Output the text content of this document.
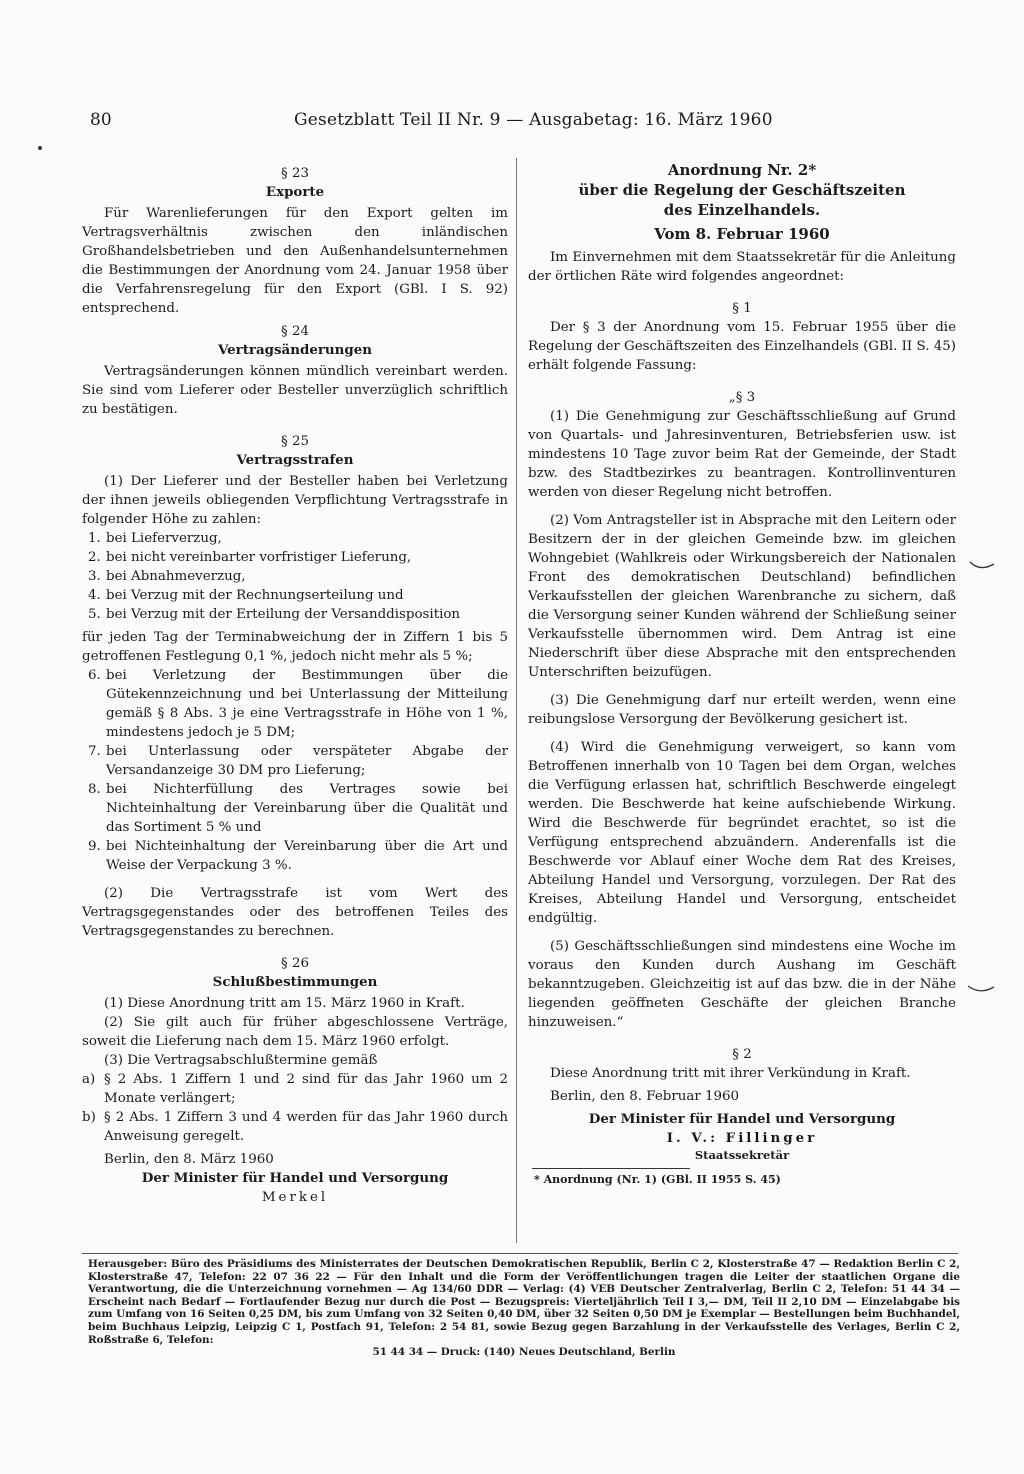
80	Gesetzblatt Teil II Nr. 9 — Ausgabetag: 16. März 1960

§ 23

Exporte

Für Warenlieferungen für den Export gelten im Vertragsverhältnis zwischen den inländischen Großhandelsbetrieben und den Außenhandelsunternehmen die Bestimmungen der Anordnung vom 24. Januar 1958 über die Verfahrensregelung für den Export (GBl. I S. 92) entsprechend.

§ 24

Vertragsänderungen

Vertragsänderungen können mündlich vereinbart werden. Sie sind vom Lieferer oder Besteller unverzüglich schriftlich zu bestätigen.

§ 25

Vertragsstrafen

(1) Der Lieferer und der Besteller haben bei Verletzung der ihnen jeweils obliegenden Verpflichtung Vertragsstrafe in folgender Höhe zu zahlen:

1. bei Lieferverzug,

2. bei nicht vereinbarter vorfristiger Lieferung,

3. bei Abnahmeverzug,

4. bei Verzug mit der Rechnungserteilung und

5. bei Verzug mit der Erteilung der Versanddisposition

für jeden Tag der Terminabweichung der in Ziffern 1 bis 5 getroffenen Festlegung 0,1 %, jedoch nicht mehr als 5 %;

6. bei Verletzung der Bestimmungen über die Gütekennzeichnung und bei Unterlassung der Mitteilung gemäß § 8 Abs. 3 je eine Vertragsstrafe in Höhe von 1 %, mindestens jedoch je 5 DM;

7. bei Unterlassung oder verspäteter Abgabe der Versandanzeige 30 DM pro Lieferung;

8. bei Nichterfüllung des Vertrages sowie bei Nichteinhaltung der Vereinbarung über die Qualität und das Sortiment 5 % und

9. bei Nichteinhaltung der Vereinbarung über die Art und Weise der Verpackung 3 %.

(2) Die Vertragsstrafe ist vom Wert des Vertragsgegenstandes oder des betroffenen Teiles des Vertragsgegenstandes zu berechnen.

§ 26

Schlußbestimmungen

(1) Diese Anordnung tritt am 15. März 1960 in Kraft.

(2) Sie gilt auch für früher abgeschlossene Verträge, soweit die Lieferung nach dem 15. März 1960 erfolgt.

(3) Die Vertragsabschlußtermine gemäß

a) § 2 Abs. 1 Ziffern 1 und 2 sind für das Jahr 1960 um 2 Monate verlängert;

b) § 2 Abs. 1 Ziffern 3 und 4 werden für das Jahr 1960 durch Anweisung geregelt.

Berlin, den 8. März 1960

Der Minister für Handel und Versorgung

Merkel

Anordnung Nr. 2*

über die Regelung der Geschäftszeiten

des Einzelhandels.

Vom 8. Februar 1960

Im Einvernehmen mit dem Staatssekretär für die Anleitung der örtlichen Räte wird folgendes angeordnet:

§ 1

Der § 3 der Anordnung vom 15. Februar 1955 über die Regelung der Geschäftszeiten des Einzelhandels (GBl. II S. 45) erhält folgende Fassung:

„§ 3

(1) Die Genehmigung zur Geschäftsschließung auf Grund von Quartals- und Jahresinventuren, Betriebsferien usw. ist mindestens 10 Tage zuvor beim Rat der Gemeinde, der Stadt bzw. des Stadtbezirkes zu beantragen. Kontrollinventuren werden von dieser Regelung nicht betroffen.

(2) Vom Antragsteller ist in Absprache mit den Leitern oder Besitzern der in der gleichen Gemeinde bzw. im gleichen Wohngebiet (Wahlkreis oder Wirkungsbereich der Nationalen Front des demokratischen Deutschland) befindlichen Verkaufsstellen der gleichen Warenbranche zu sichern, daß die Versorgung seiner Kunden während der Schließung seiner Verkaufsstelle übernommen wird. Dem Antrag ist eine Niederschrift über diese Absprache mit den entsprechenden Unterschriften beizufügen.

(3) Die Genehmigung darf nur erteilt werden, wenn eine reibungslose Versorgung der Bevölkerung gesichert ist.

(4) Wird die Genehmigung verweigert, so kann vom Betroffenen innerhalb von 10 Tagen bei dem Organ, welches die Verfügung erlassen hat, schriftlich Beschwerde eingelegt werden. Die Beschwerde hat keine aufschiebende Wirkung. Wird die Beschwerde für begründet erachtet, so ist die Verfügung entsprechend abzuändern. Anderenfalls ist die Beschwerde vor Ablauf einer Woche dem Rat des Kreises, Abteilung Handel und Versorgung, vorzulegen. Der Rat des Kreises, Abteilung Handel und Versorgung, entscheidet endgültig.

(5) Geschäftsschließungen sind mindestens eine Woche im voraus den Kunden durch Aushang im Geschäft bekanntzugeben. Gleichzeitig ist auf das bzw. die in der Nähe liegenden geöffneten Geschäfte der gleichen Branche hinzuweisen.“

§ 2

Diese Anordnung tritt mit ihrer Verkündung in Kraft.

Berlin, den 8. Februar 1960

Der Minister für Handel und Versorgung

I. V.: Fillinger

Staatssekretär

* Anordnung (Nr. 1) (GBl. II 1955 S. 45)

Herausgeber: Büro des Präsidiums des Ministerrates der Deutschen Demokratischen Republik, Berlin C 2, Klosterstraße 47 — Redaktion Berlin C 2, Klosterstraße 47, Telefon: 22 07 36 22 — Für den Inhalt und die Form der Veröffentlichungen tragen die Leiter der staatlichen Organe die Verantwortung, die die Unterzeichnung vornehmen — Ag 134/60 DDR — Verlag: (4) VEB Deutscher Zentralverlag, Berlin C 2, Telefon: 51 44 34 — Erscheint nach Bedarf — Fortlaufender Bezug nur durch die Post — Bezugspreis: Vierteljährlich Teil I 3,— DM, Teil II 2,10 DM — Einzelabgabe bis zum Umfang von 16 Seiten 0,25 DM, bis zum Umfang von 32 Seiten 0,40 DM, über 32 Seiten 0,50 DM je Exemplar — Bestellungen beim Buchhandel, beim Buchhaus Leipzig, Leipzig C 1, Postfach 91, Telefon: 2 54 81, sowie Bezug gegen Barzahlung in der Verkaufsstelle des Verlages, Berlin C 2, Roßstraße 6, Telefon:

51 44 34 — Druck: (140) Neues Deutschland, Berlin
